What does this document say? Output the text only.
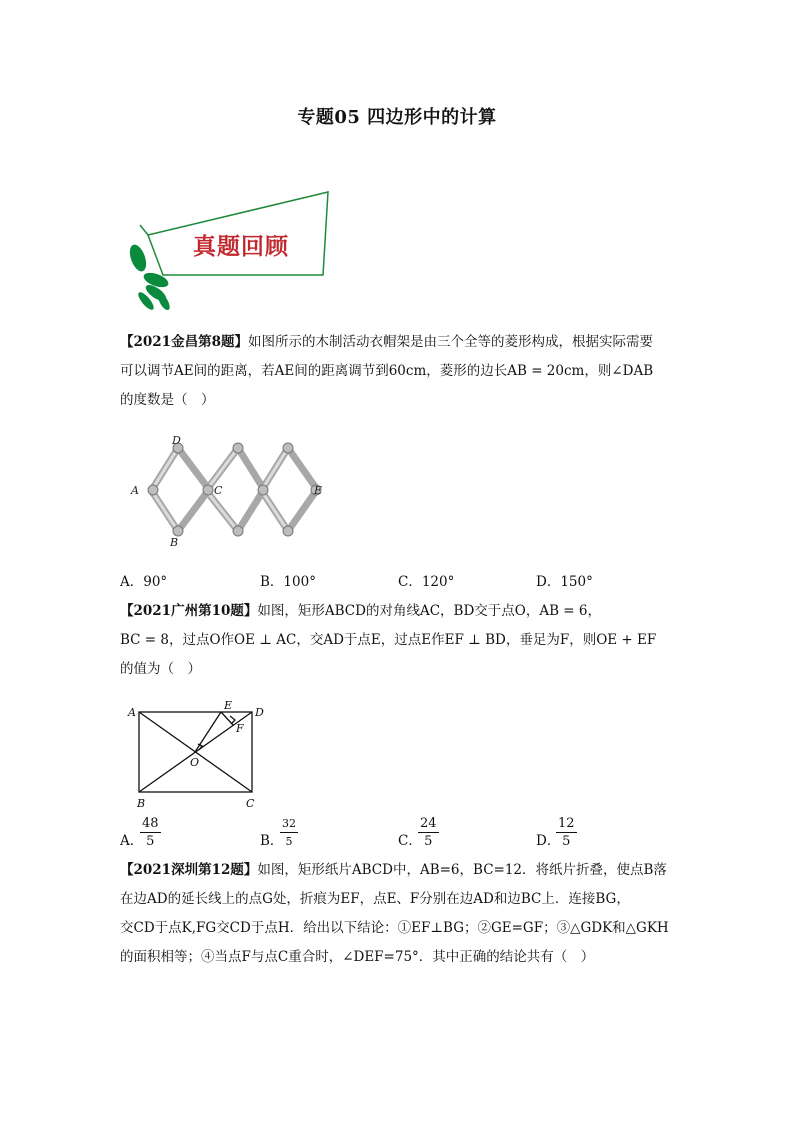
专题05 四边形中的计算
真题回顾
【2021金昌第8题】如图所示的木制活动衣帽架是由三个全等的菱形构成，根据实际需要
可以调节AE间的距离，若AE间的距离调节到60cm，菱形的边长AB = 20cm，则∠DAB
的度数是（　）
D
A	C	E
B
A．90°	B．100°	C．120°	D．150°
【2021广州第10题】如图，矩形ABCD的对角线AC，BD交于点O，AB = 6，
BC = 8，过点O作OE ⊥ AC，交AD于点E，过点E作EF ⊥ BD，垂足为F，则OE + EF
的值为（　）
A
E
D
F
O
B	C
A．
$\frac{48}{5}$	B．
$\frac{32}{5}$	C．
$\frac{24}{5}$	D．
$\frac{12}{5}$
【2021深圳第12题】如图，矩形纸片ABCD中，AB=6，BC=12．将纸片折叠，使点B落
在边AD的延长线上的点G处，折痕为EF，点E、F分别在边AD和边BC上．连接BG，
交CD于点K,FG交CD于点H．给出以下结论：①EF⊥BG；②GE=GF；③△GDK和△GKH
的面积相等；④当点F与点C重合时，∠DEF=75°．其中正确的结论共有（　）
